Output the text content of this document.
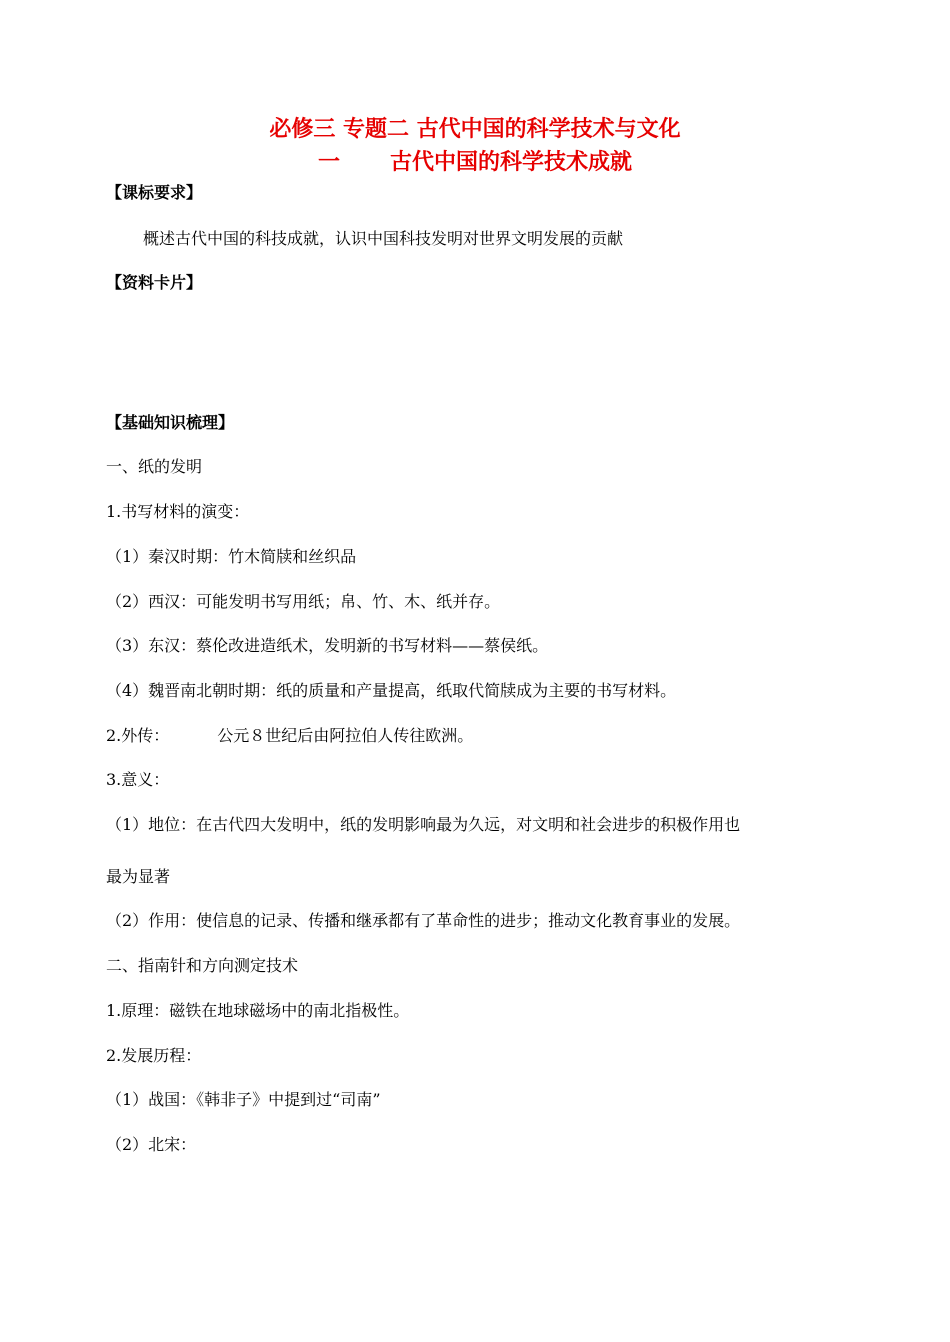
必修三 专题二 古代中国的科学技术与文化
一 古代中国的科学技术成就
【课标要求】
概述古代中国的科技成就，认识中国科技发明对世界文明发展的贡献
【资料卡片】
【基础知识梳理】
一、纸的发明
1.书写材料的演变：
（1）秦汉时期：竹木简牍和丝织品
（2）西汉：可能发明书写用纸；帛、竹、木、纸并存。
（3）东汉：蔡伦改进造纸术，发明新的书写材料——蔡侯纸。
（4）魏晋南北朝时期：纸的质量和产量提高，纸取代简牍成为主要的书写材料。
2.外传：	公元８世纪后由阿拉伯人传往欧洲。
3.意义：
（1）地位：在古代四大发明中，纸的发明影响最为久远，对文明和社会进步的积极作用也
最为显著
（2）作用：使信息的记录、传播和继承都有了革命性的进步；推动文化教育事业的发展。
二、指南针和方向测定技术
1.原理：磁铁在地球磁场中的南北指极性。
2.发展历程：
（1）战国：《韩非子》中提到过“司南”
（2）北宋：
